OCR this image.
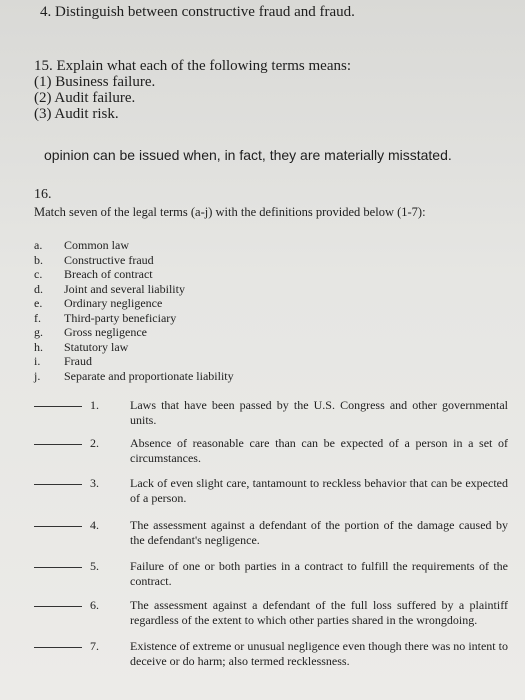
4. Distinguish between constructive fraud and fraud.
15. Explain what each of the following terms means:
(1) Business failure.
(2) Audit failure.
(3) Audit risk.
opinion can be issued when, in fact, they are materially misstated.
16.
Match seven of the legal terms (a-j) with the definitions provided below (1-7):
a.	Common law
b.	Constructive fraud
c.	Breach of contract
d.	Joint and several liability
e.	Ordinary negligence
f.	Third-party beneficiary
g.	Gross negligence
h.	Statutory law
i.	Fraud
j.	Separate and proportionate liability
1.	Laws that have been passed by the U.S. Congress and other governmental units.
2.	Absence of reasonable care than can be expected of a person in a set of circumstances.
3.	Lack of even slight care, tantamount to reckless behavior that can be expected of a person.
4.	The assessment against a defendant of the portion of the damage caused by the defendant's negligence.
5.	Failure of one or both parties in a contract to fulfill the requirements of the contract.
6.	The assessment against a defendant of the full loss suffered by a plaintiff regardless of the extent to which other parties shared in the wrongdoing.
7.	Existence of extreme or unusual negligence even though there was no intent to deceive or do harm; also termed recklessness.
